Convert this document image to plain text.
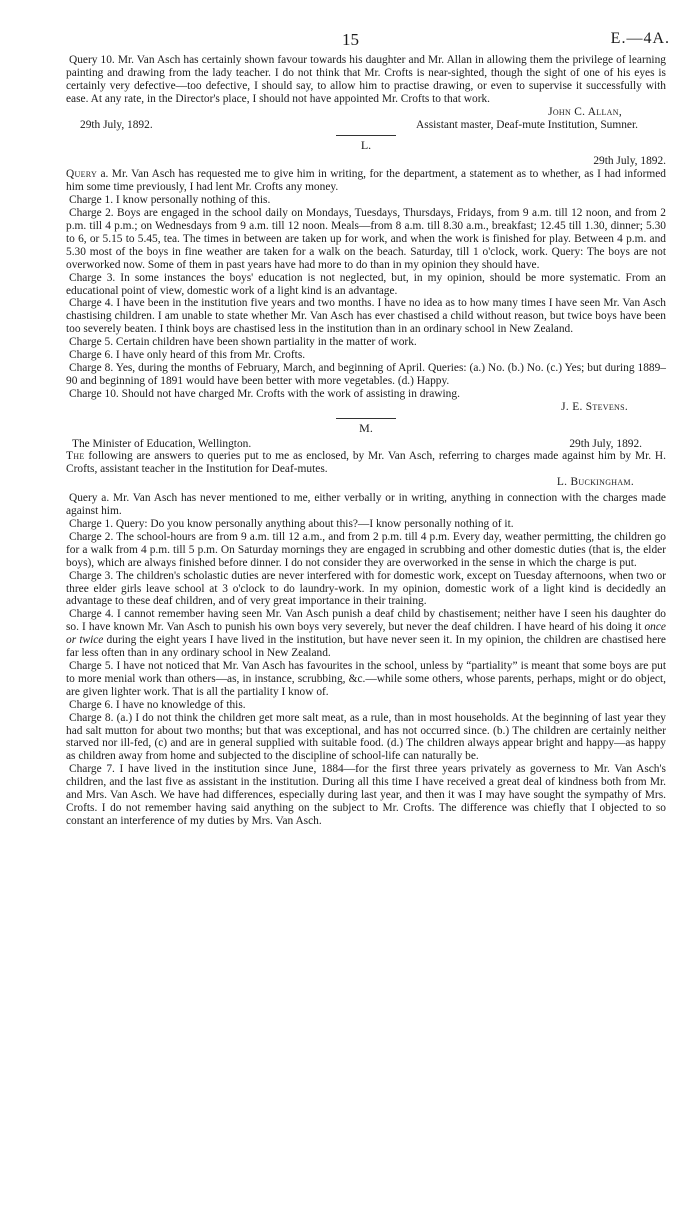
15	E.—4A.

Query 10. Mr. Van Asch has certainly shown favour towards his daughter and Mr. Allan in allowing them the privilege of learning painting and drawing from the lady teacher. I do not think that Mr. Crofts is near-sighted, though the sight of one of his eyes is certainly very defective—too defective, I should say, to allow him to practise drawing, or even to supervise it successfully with ease. At any rate, in the Director's place, I should not have appointed Mr. Crofts to that work.

John C. Allan,
29th July, 1892.	Assistant master, Deaf-mute Institution, Sumner.
L.

29th July, 1892.

Query a. Mr. Van Asch has requested me to give him in writing, for the department, a statement as to whether, as I had informed him some time previously, I had lent Mr. Crofts any money.

Charge 1. I know personally nothing of this.

Charge 2. Boys are engaged in the school daily on Mondays, Tuesdays, Thursdays, Fridays, from 9 a.m. till 12 noon, and from 2 p.m. till 4 p.m.; on Wednesdays from 9 a.m. till 12 noon. Meals—from 8 a.m. till 8.30 a.m., breakfast; 12.45 till 1.30, dinner; 5.30 to 6, or 5.15 to 5.45, tea. The times in between are taken up for work, and when the work is finished for play. Between 4 p.m. and 5.30 most of the boys in fine weather are taken for a walk on the beach. Saturday, till 1 o'clock, work. Query: The boys are not overworked now. Some of them in past years have had more to do than in my opinion they should have.

Charge 3. In some instances the boys' education is not neglected, but, in my opinion, should be more systematic. From an educational point of view, domestic work of a light kind is an advantage.

Charge 4. I have been in the institution five years and two months. I have no idea as to how many times I have seen Mr. Van Asch chastising children. I am unable to state whether Mr. Van Asch has ever chastised a child without reason, but twice boys have been too severely beaten. I think boys are chastised less in the institution than in an ordinary school in New Zealand.

Charge 5. Certain children have been shown partiality in the matter of work.

Charge 6. I have only heard of this from Mr. Crofts.

Charge 8. Yes, during the months of February, March, and beginning of April. Queries: (a.) No. (b.) No. (c.) Yes; but during 1889–90 and beginning of 1891 would have been better with more vegetables. (d.) Happy.

Charge 10. Should not have charged Mr. Crofts with the work of assisting in drawing.

J. E. Stevens.

M.
The Minister of Education, Wellington.	29th July, 1892.

The following are answers to queries put to me as enclosed, by Mr. Van Asch, referring to charges made against him by Mr. H. Crofts, assistant teacher in the Institution for Deaf-mutes.

L. Buckingham.

Query a. Mr. Van Asch has never mentioned to me, either verbally or in writing, anything in connection with the charges made against him.

Charge 1. Query: Do you know personally anything about this?—I know personally nothing of it.

Charge 2. The school-hours are from 9 a.m. till 12 a.m., and from 2 p.m. till 4 p.m. Every day, weather permitting, the children go for a walk from 4 p.m. till 5 p.m. On Saturday mornings they are engaged in scrubbing and other domestic duties (that is, the elder boys), which are always finished before dinner. I do not consider they are overworked in the sense in which the charge is put.

Charge 3. The children's scholastic duties are never interfered with for domestic work, except on Tuesday afternoons, when two or three elder girls leave school at 3 o'clock to do laundry-work. In my opinion, domestic work of a light kind is decidedly an advantage to these deaf children, and of very great importance in their training.

Charge 4. I cannot remember having seen Mr. Van Asch punish a deaf child by chastisement; neither have I seen his daughter do so. I have known Mr. Van Asch to punish his own boys very severely, but never the deaf children. I have heard of his doing it once or twice during the eight years I have lived in the institution, but have never seen it. In my opinion, the children are chastised here far less often than in any ordinary school in New Zealand.

Charge 5. I have not noticed that Mr. Van Asch has favourites in the school, unless by “partiality” is meant that some boys are put to more menial work than others—as, in instance, scrubbing, &c.—while some others, whose parents, perhaps, might or do object, are given lighter work. That is all the partiality I know of.

Charge 6. I have no knowledge of this.

Charge 8. (a.) I do not think the children get more salt meat, as a rule, than in most households. At the beginning of last year they had salt mutton for about two months; but that was exceptional, and has not occurred since. (b.) The children are certainly neither starved nor ill-fed, (c) and are in general supplied with suitable food. (d.) The children always appear bright and happy—as happy as children away from home and subjected to the discipline of school-life can naturally be.

Charge 7. I have lived in the institution since June, 1884—for the first three years privately as governess to Mr. Van Asch's children, and the last five as assistant in the institution. During all this time I have received a great deal of kindness both from Mr. and Mrs. Van Asch. We have had differences, especially during last year, and then it was I may have sought the sympathy of Mrs. Crofts. I do not remember having said anything on the subject to Mr. Crofts. The difference was chiefly that I objected to so constant an interference of my duties by Mrs. Van Asch.
